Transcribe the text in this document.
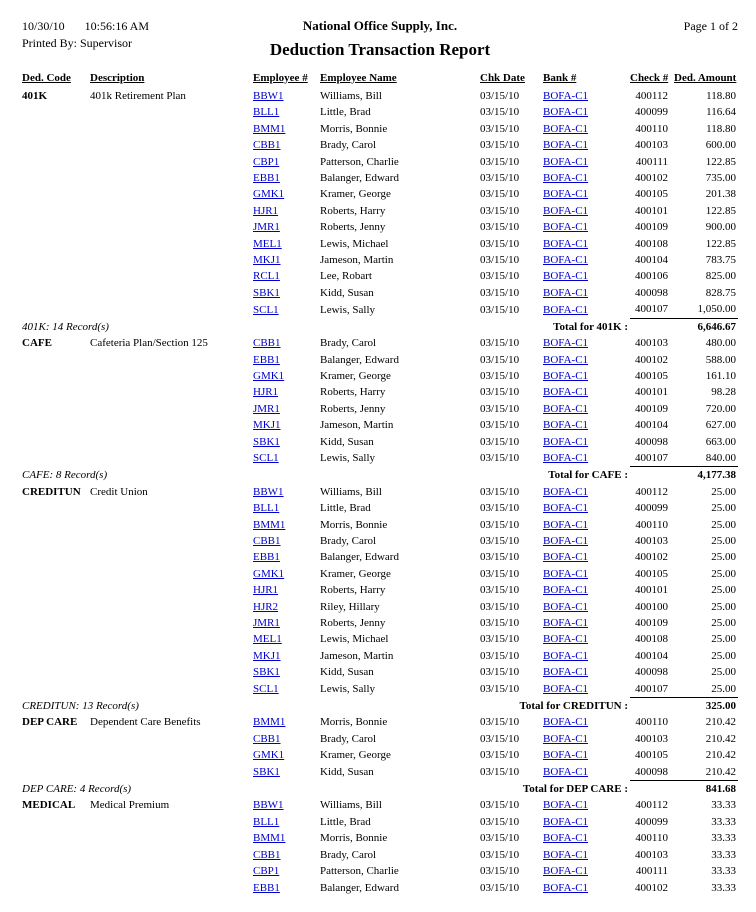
10/30/10 10:56:16 AM
Printed By: Supervisor
National Office Supply, Inc.
Deduction Transaction Report
Page 1 of 2
Ded. Code	Description	Employee #	Employee Name	Chk Date	Bank #	Check #	Ded. Amount
401K	401k Retirement Plan	BBW1	Williams, Bill	03/15/10	BOFA-C1	400112	118.80
		BLL1	Little, Brad	03/15/10	BOFA-C1	400099	116.64
		BMM1	Morris, Bonnie	03/15/10	BOFA-C1	400110	118.80
		CBB1	Brady, Carol	03/15/10	BOFA-C1	400103	600.00
		CBP1	Patterson, Charlie	03/15/10	BOFA-C1	400111	122.85
		EBB1	Balanger, Edward	03/15/10	BOFA-C1	400102	735.00
		GMK1	Kramer, George	03/15/10	BOFA-C1	400105	201.38
		HJR1	Roberts, Harry	03/15/10	BOFA-C1	400101	122.85
		JMR1	Roberts, Jenny	03/15/10	BOFA-C1	400109	900.00
		MEL1	Lewis, Michael	03/15/10	BOFA-C1	400108	122.85
		MKJ1	Jameson, Martin	03/15/10	BOFA-C1	400104	783.75
		RCL1	Lee, Robart	03/15/10	BOFA-C1	400106	825.00
		SBK1	Kidd, Susan	03/15/10	BOFA-C1	400098	828.75
		SCL1	Lewis, Sally	03/15/10	BOFA-C1	400107	1,050.00
401K: 14 Record(s)				Total for 401K :			6,646.67
CAFE	Cafeteria Plan/Section 125	CBB1	Brady, Carol	03/15/10	BOFA-C1	400103	480.00
		EBB1	Balanger, Edward	03/15/10	BOFA-C1	400102	588.00
		GMK1	Kramer, George	03/15/10	BOFA-C1	400105	161.10
		HJR1	Roberts, Harry	03/15/10	BOFA-C1	400101	98.28
		JMR1	Roberts, Jenny	03/15/10	BOFA-C1	400109	720.00
		MKJ1	Jameson, Martin	03/15/10	BOFA-C1	400104	627.00
		SBK1	Kidd, Susan	03/15/10	BOFA-C1	400098	663.00
		SCL1	Lewis, Sally	03/15/10	BOFA-C1	400107	840.00
CAFE: 8 Record(s)				Total for CAFE :			4,177.38
CREDITUN	Credit Union	BBW1	Williams, Bill	03/15/10	BOFA-C1	400112	25.00
		BLL1	Little, Brad	03/15/10	BOFA-C1	400099	25.00
		BMM1	Morris, Bonnie	03/15/10	BOFA-C1	400110	25.00
		CBB1	Brady, Carol	03/15/10	BOFA-C1	400103	25.00
		EBB1	Balanger, Edward	03/15/10	BOFA-C1	400102	25.00
		GMK1	Kramer, George	03/15/10	BOFA-C1	400105	25.00
		HJR1	Roberts, Harry	03/15/10	BOFA-C1	400101	25.00
		HJR2	Riley, Hillary	03/15/10	BOFA-C1	400100	25.00
		JMR1	Roberts, Jenny	03/15/10	BOFA-C1	400109	25.00
		MEL1	Lewis, Michael	03/15/10	BOFA-C1	400108	25.00
		MKJ1	Jameson, Martin	03/15/10	BOFA-C1	400104	25.00
		SBK1	Kidd, Susan	03/15/10	BOFA-C1	400098	25.00
		SCL1	Lewis, Sally	03/15/10	BOFA-C1	400107	25.00
CREDITUN: 13 Record(s)				Total for CREDITUN :			325.00
DEP CARE	Dependent Care Benefits	BMM1	Morris, Bonnie	03/15/10	BOFA-C1	400110	210.42
		CBB1	Brady, Carol	03/15/10	BOFA-C1	400103	210.42
		GMK1	Kramer, George	03/15/10	BOFA-C1	400105	210.42
		SBK1	Kidd, Susan	03/15/10	BOFA-C1	400098	210.42
DEP CARE: 4 Record(s)				Total for DEP CARE :			841.68
MEDICAL	Medical Premium	BBW1	Williams, Bill	03/15/10	BOFA-C1	400112	33.33
		BLL1	Little, Brad	03/15/10	BOFA-C1	400099	33.33
		BMM1	Morris, Bonnie	03/15/10	BOFA-C1	400110	33.33
		CBB1	Brady, Carol	03/15/10	BOFA-C1	400103	33.33
		CBP1	Patterson, Charlie	03/15/10	BOFA-C1	400111	33.33
		EBB1	Balanger, Edward	03/15/10	BOFA-C1	400102	33.33
